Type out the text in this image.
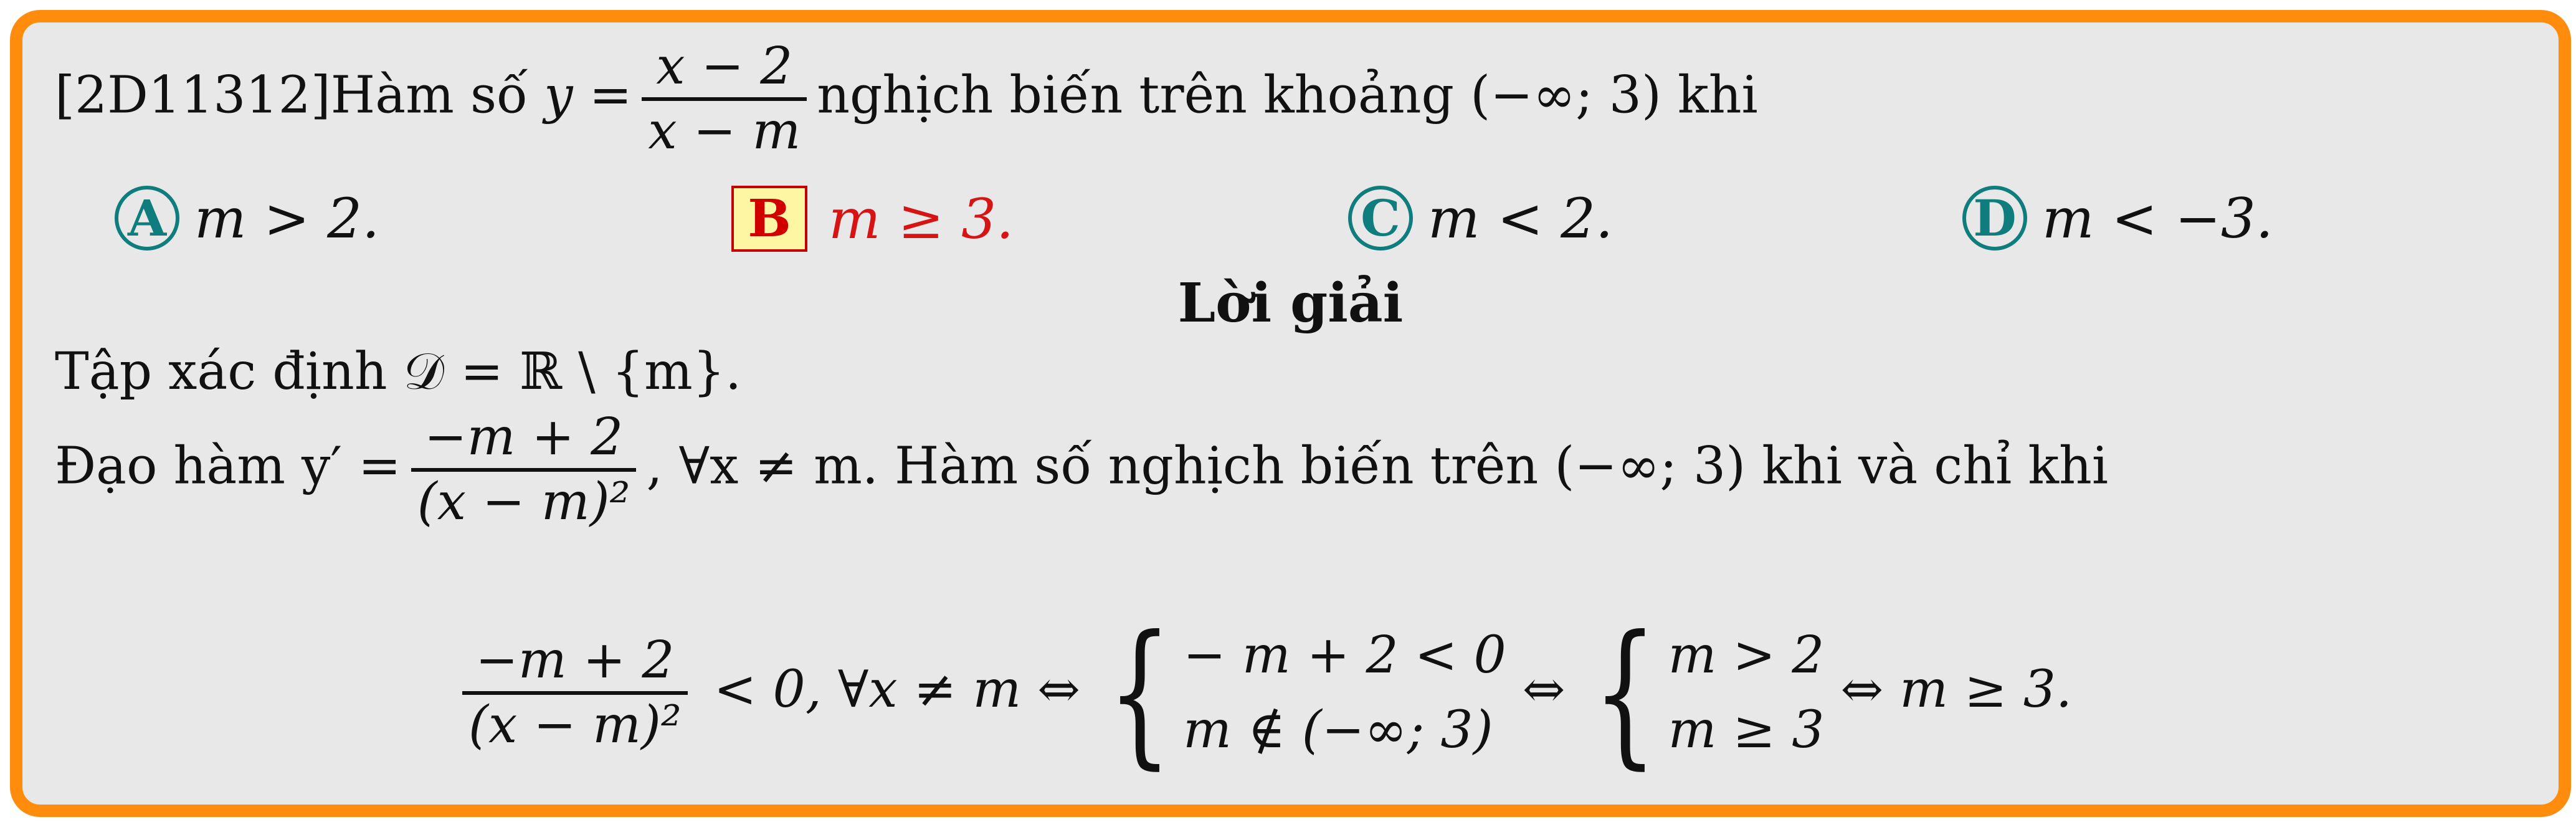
[2D11312]Hàm số y = x − 2
x − m
nghịch biến trên khoảng (−∞; 3) khi
A m > 2.	B m ≥ 3.	C m < 2.	D m < −3.
Lời giải
Tập xác định 𝒟 = ℝ \ {m}.
Đạo hàm y′ = −m + 2
(x − m)²
, ∀x ≠ m. Hàm số nghịch biến trên (−∞; 3) khi và chỉ khi
−m + 2
(x − m)²
< 0, ∀x ≠ m ⇔ { − m + 2 < 0
m ∉ (−∞; 3)
⇔ { m > 2
m ≥ 3
⇔ m ≥ 3.
